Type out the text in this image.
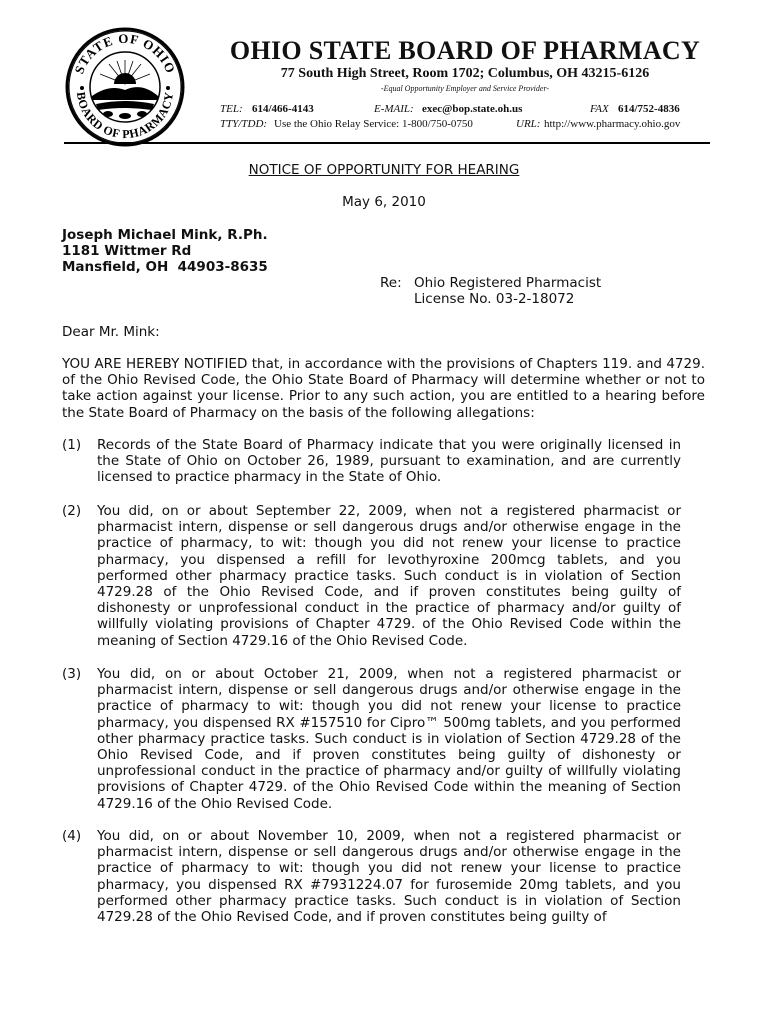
STATE OF OHIO
BOARD OF PHARMACY
OHIO STATE BOARD OF PHARMACY
77 South High Street, Room 1702; Columbus, OH 43215-6126
-Equal Opportunity Employer and Service Provider-
TEL: 614/466-4143	E-MAIL: exec@bop.state.oh.us	FAX 614/752-4836
TTY/TDD: Use the Ohio Relay Service: 1-800/750-0750	URL: http://www.pharmacy.ohio.gov
NOTICE OF OPPORTUNITY FOR HEARING
May 6, 2010
Joseph Michael Mink, R.Ph.
1181 Wittmer Rd
Mansfield, OH  44903-8635
Re: Ohio Registered Pharmacist
License No. 03-2-18072
Dear Mr. Mink:
YOU ARE HEREBY NOTIFIED that, in accordance with the provisions of Chapters 119. and 4729. of the Ohio Revised Code, the Ohio State Board of Pharmacy will determine whether or not to take action against your license. Prior to any such action, you are entitled to a hearing before the State Board of Pharmacy on the basis of the following allegations:
(1) Records of the State Board of Pharmacy indicate that you were originally licensed in the State of Ohio on October 26, 1989, pursuant to examination, and are currently licensed to practice pharmacy in the State of Ohio.
(2) You did, on or about September 22, 2009, when not a registered pharmacist or pharmacist intern, dispense or sell dangerous drugs and/or otherwise engage in the practice of pharmacy, to wit: though you did not renew your license to practice pharmacy, you dispensed a refill for levothyroxine 200mcg tablets, and you performed other pharmacy practice tasks. Such conduct is in violation of Section 4729.28 of the Ohio Revised Code, and if proven constitutes being guilty of dishonesty or unprofessional conduct in the practice of pharmacy and/or guilty of willfully violating provisions of Chapter 4729. of the Ohio Revised Code within the meaning of Section 4729.16 of the Ohio Revised Code.
(3) You did, on or about October 21, 2009, when not a registered pharmacist or pharmacist intern, dispense or sell dangerous drugs and/or otherwise engage in the practice of pharmacy to wit: though you did not renew your license to practice pharmacy, you dispensed RX #157510 for Cipro™ 500mg tablets, and you performed other pharmacy practice tasks. Such conduct is in violation of Section 4729.28 of the Ohio Revised Code, and if proven constitutes being guilty of dishonesty or unprofessional conduct in the practice of pharmacy and/or guilty of willfully violating provisions of Chapter 4729. of the Ohio Revised Code within the meaning of Section 4729.16 of the Ohio Revised Code.
(4) You did, on or about November 10, 2009, when not a registered pharmacist or pharmacist intern, dispense or sell dangerous drugs and/or otherwise engage in the practice of pharmacy to wit: though you did not renew your license to practice pharmacy, you dispensed RX #7931224.07 for furosemide 20mg tablets, and you performed other pharmacy practice tasks. Such conduct is in violation of Section 4729.28 of the Ohio Revised Code, and if proven constitutes being guilty of
